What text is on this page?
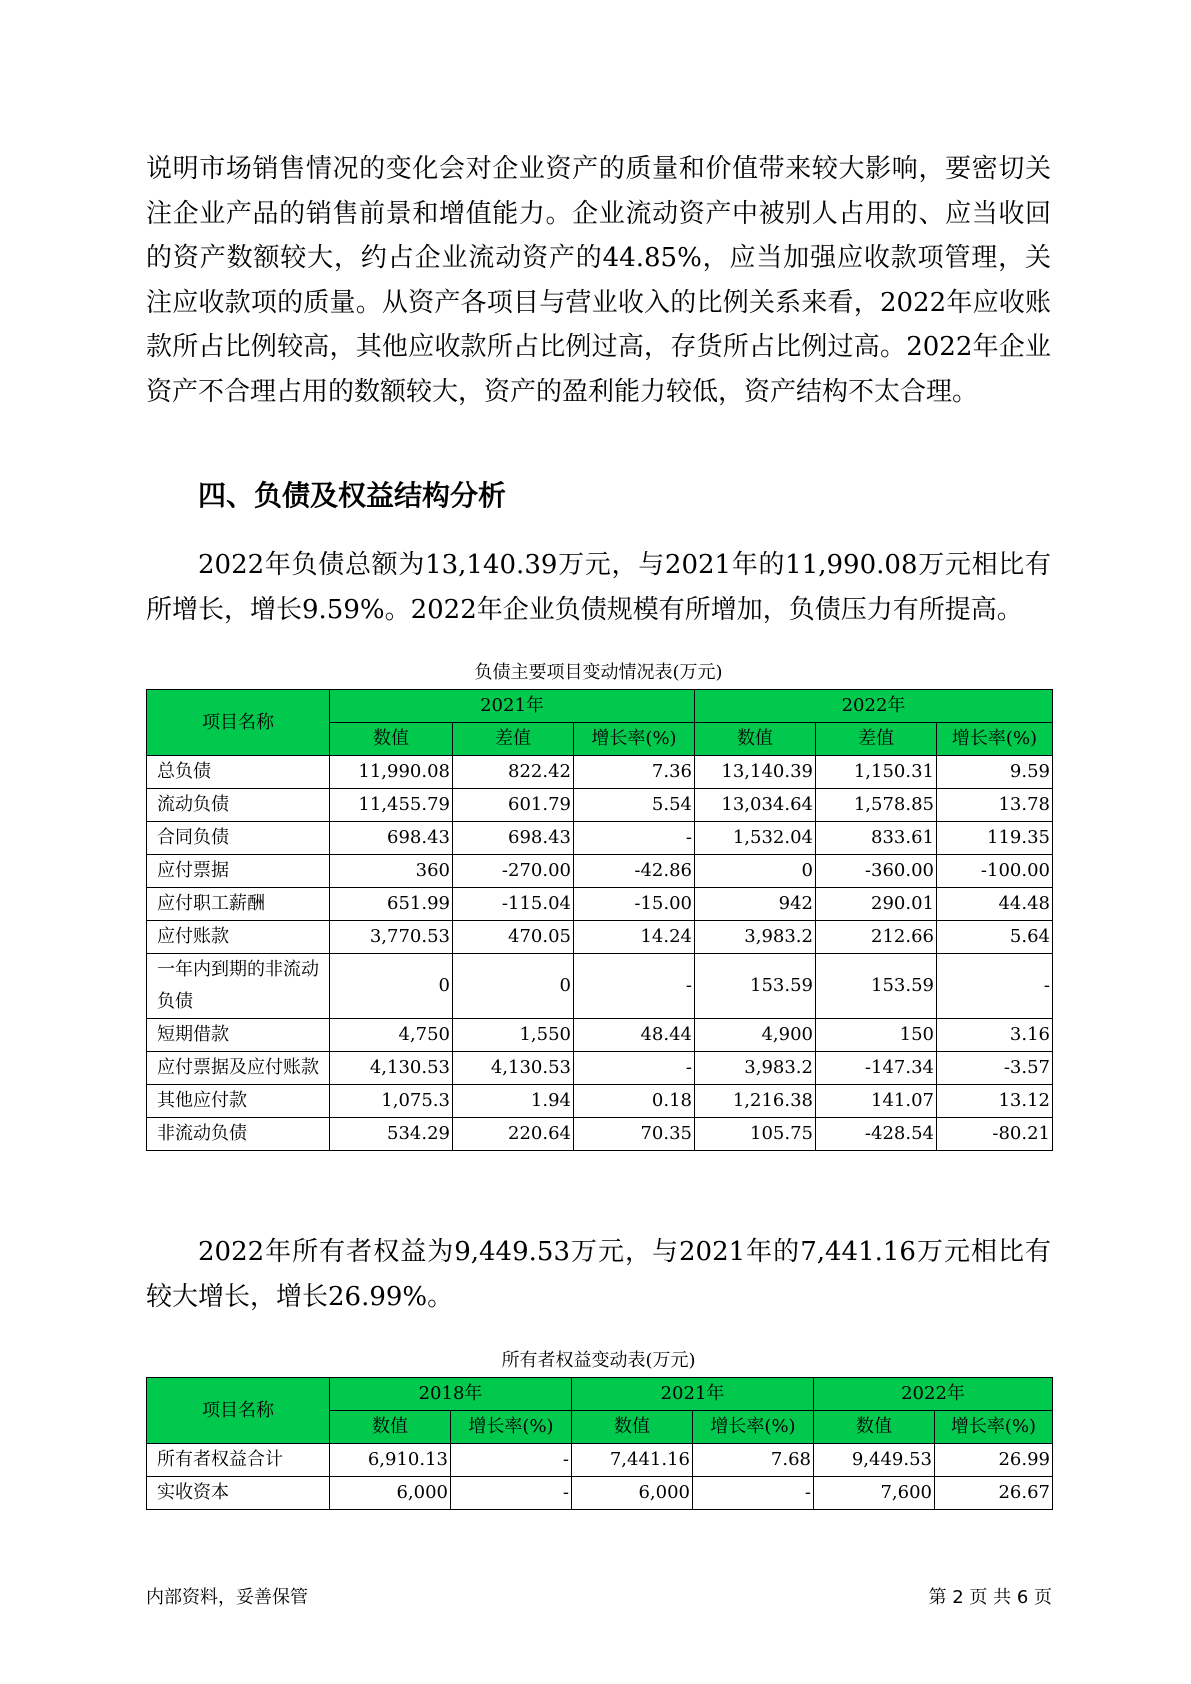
说明市场销售情况的变化会对企业资产的质量和价值带来较大影响，要密切关注企业产品的销售前景和增值能力。企业流动资产中被别人占用的、应当收回的资产数额较大，约占企业流动资产的44.85%，应当加强应收款项管理，关注应收款项的质量。从资产各项目与营业收入的比例关系来看，2022年应收账款所占比例较高，其他应收款所占比例过高，存货所占比例过高。2022年企业资产不合理占用的数额较大，资产的盈利能力较低，资产结构不太合理。

四、负债及权益结构分析

2022年负债总额为13,140.39万元，与2021年的11,990.08万元相比有所增长，增长9.59%。2022年企业负债规模有所增加，负债压力有所提高。

负债主要项目变动情况表(万元)
项目名称	2021年			2022年		
	数值	差值	增长率(%)	数值	差值	增长率(%)
总负债	11,990.08	822.42	7.36	13,140.39	1,150.31	9.59
流动负债	11,455.79	601.79	5.54	13,034.64	1,578.85	13.78
合同负债	698.43	698.43	-	1,532.04	833.61	119.35
应付票据	360	-270.00	-42.86	0	-360.00	-100.00
应付职工薪酬	651.99	-115.04	-15.00	942	290.01	44.48
应付账款	3,770.53	470.05	14.24	3,983.2	212.66	5.64
一年内到期的非流动负债	0	0	-	153.59	153.59	-
短期借款	4,750	1,550	48.44	4,900	150	3.16
应付票据及应付账款	4,130.53	4,130.53	-	3,983.2	-147.34	-3.57
其他应付款	1,075.3	1.94	0.18	1,216.38	141.07	13.12
非流动负债	534.29	220.64	70.35	105.75	-428.54	-80.21

2022年所有者权益为9,449.53万元，与2021年的7,441.16万元相比有较大增长，增长26.99%。

所有者权益变动表(万元)
项目名称	2018年		2021年		2022年	
	数值	增长率(%)	数值	增长率(%)	数值	增长率(%)
所有者权益合计	6,910.13	-	7,441.16	7.68	9,449.53	26.99
实收资本	6,000	-	6,000	-	7,600	26.67
内部资料，妥善保管	第 2 页 共 6 页
